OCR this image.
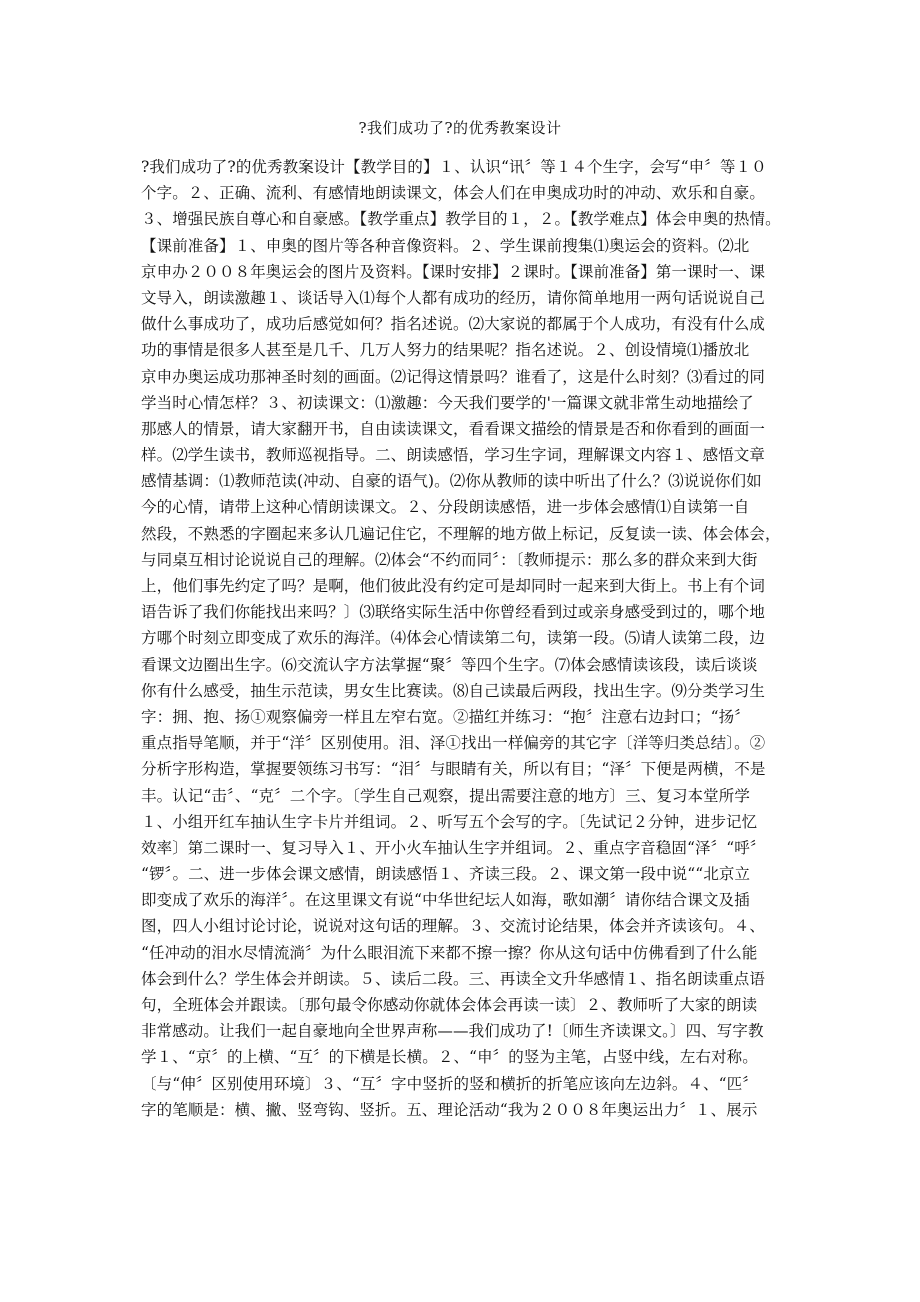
?我们成功了?的优秀教案设计
?我们成功了?的优秀教案设计【教学目的】１、认识“讯〞等１４个生字，会写“申〞等１０
个字。２、正确、流利、有感情地朗读课文，体会人们在申奥成功时的冲动、欢乐和自豪。
３、增强民族自尊心和自豪感。【教学重点】教学目的１，２。【教学难点】体会申奥的热情。
【课前准备】１、申奥的图片等各种音像资料。２、学生课前搜集⑴奥运会的资料。⑵北
京申办２００８年奥运会的图片及资料。【课时安排】２课时。【课前准备】第一课时一、课
文导入，朗读激趣１、谈话导入⑴每个人都有成功的经历，请你简单地用一两句话说说自己
做什么事成功了，成功后感觉如何？指名述说。⑵大家说的都属于个人成功，有没有什么成
功的事情是很多人甚至是几千、几万人努力的结果呢？指名述说。２、创设情境⑴播放北
京申办奥运成功那神圣时刻的画面。⑵记得这情景吗？谁看了，这是什么时刻？⑶看过的同
学当时心情怎样？３、初读课文：⑴激趣：今天我们要学的'一篇课文就非常生动地描绘了
那感人的情景，请大家翻开书，自由读读课文，看看课文描绘的情景是否和你看到的画面一
样。⑵学生读书，教师巡视指导。二、朗读感悟，学习生字词，理解课文内容１、感悟文章
感情基调：⑴教师范读(冲动、自豪的语气)。⑵你从教师的读中听出了什么？⑶说说你们如
今的心情，请带上这种心情朗读课文。２、分段朗读感悟，进一步体会感情⑴自读第一自
然段，不熟悉的字圈起来多认几遍记住它，不理解的地方做上标记，反复读一读、体会体会，
与同桌互相讨论说说自己的理解。⑵体会“不约而同〞：〔教师提示：那么多的群众来到大街
上，他们事先约定了吗？是啊，他们彼此没有约定可是却同时一起来到大街上。书上有个词
语告诉了我们你能找出来吗？〕⑶联络实际生活中你曾经看到过或亲身感受到过的，哪个地
方哪个时刻立即变成了欢乐的海洋。⑷体会心情读第二句，读第一段。⑸请人读第二段，边
看课文边圈出生字。⑹交流认字方法掌握“聚〞等四个生字。⑺体会感情读该段，读后谈谈
你有什么感受，抽生示范读，男女生比赛读。⑻自己读最后两段，找出生字。⑼分类学习生
字：拥、抱、扬①观察偏旁一样且左窄右宽。②描红并练习：“抱〞注意右边封口；“扬〞
重点指导笔顺，并于“洋〞区别使用。泪、泽①找出一样偏旁的其它字〔洋等归类总结〕。②
分析字形构造，掌握要领练习书写：“泪〞与眼睛有关，所以有目；“泽〞下便是两横，不是
丰。认记“击〞、“克〞二个字。〔学生自己观察，提出需要注意的地方〕三、复习本堂所学
１、小组开红车抽认生字卡片并组词。２、听写五个会写的字。〔先试记２分钟，进步记忆
效率〕第二课时一、复习导入１、开小火车抽认生字并组词。２、重点字音稳固“泽〞“呼〞
“锣〞。二、进一步体会课文感情，朗读感悟１、齐读三段。２、课文第一段中说““北京立
即变成了欢乐的海洋〞。在这里课文有说“中华世纪坛人如海，歌如潮〞请你结合课文及插
图，四人小组讨论讨论，说说对这句话的理解。３、交流讨论结果，体会并齐读该句。４、
“任冲动的泪水尽情流淌〞为什么眼泪流下来都不擦一擦？你从这句话中仿佛看到了什么能
体会到什么？学生体会并朗读。５、读后二段。三、再读全文升华感情１、指名朗读重点语
句，全班体会并跟读。〔那句最令你感动你就体会体会再读一读〕２、教师听了大家的朗读
非常感动。让我们一起自豪地向全世界声称——我们成功了!〔师生齐读课文。〕四、写字教
学１、“京〞的上横、“互〞的下横是长横。２、“申〞的竖为主笔，占竖中线，左右对称。
〔与“伸〞区别使用环境〕３、“互〞字中竖折的竖和横折的折笔应该向左边斜。４、“匹〞
字的笔顺是：横、撇、竖弯钩、竖折。五、理论活动“我为２００８年奥运出力〞１、展示
